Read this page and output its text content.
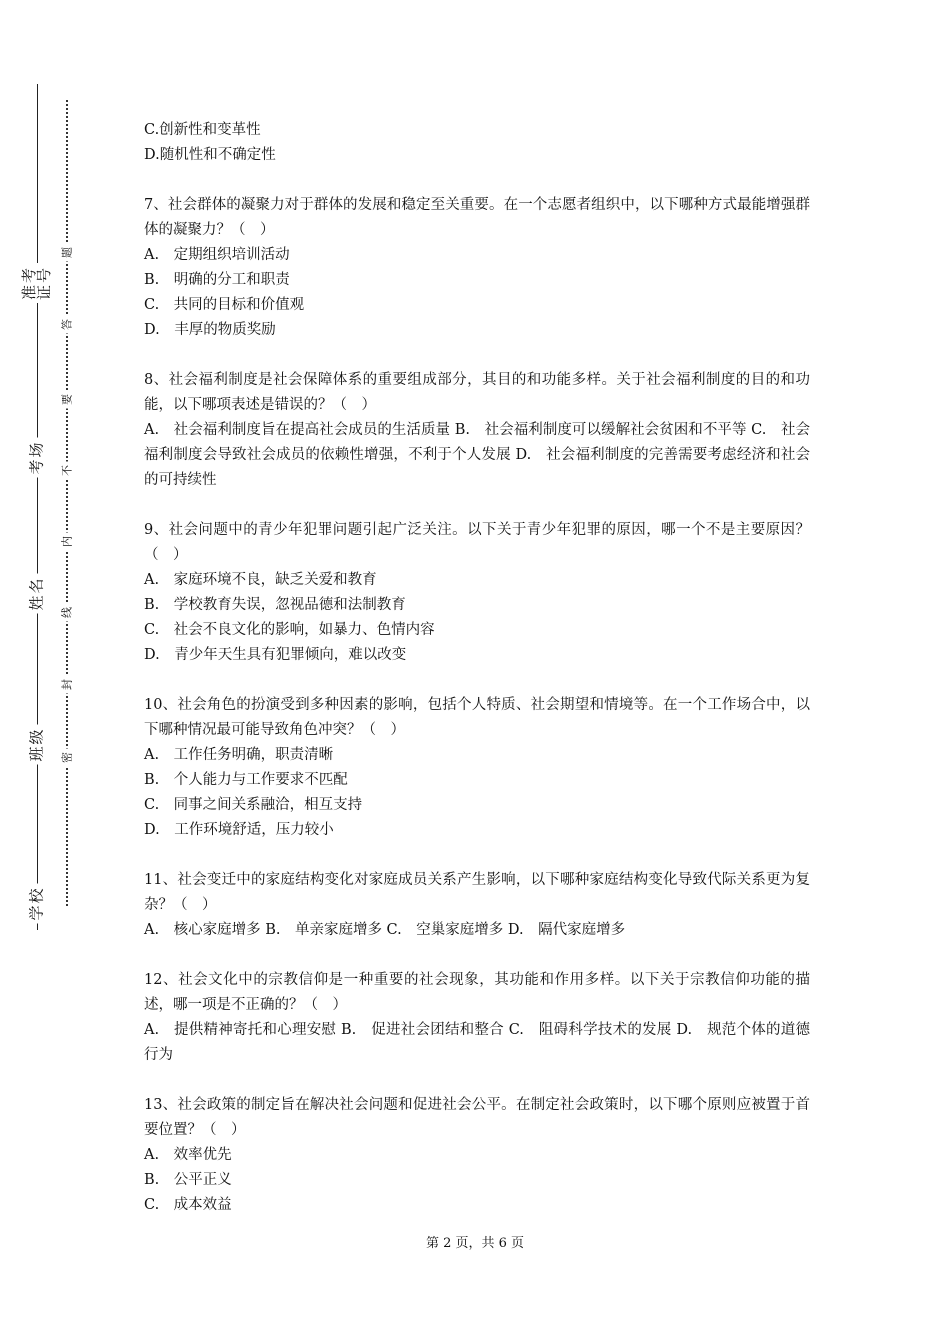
准考证号
考场
姓名
班级
学校
题
答
要
不
内
线
封
密
C.创新性和变革性
D.随机性和不确定性
7、社会群体的凝聚力对于群体的发展和稳定至关重要。在一个志愿者组织中，以下哪种方式最能增强群体的凝聚力？（　）
A.　定期组织培训活动
B.　明确的分工和职责
C.　共同的目标和价值观
D.　丰厚的物质奖励
8、社会福利制度是社会保障体系的重要组成部分，其目的和功能多样。关于社会福利制度的目的和功能，以下哪项表述是错误的？（　）
A.　社会福利制度旨在提高社会成员的生活质量 B.　社会福利制度可以缓解社会贫困和不平等 C.　社会福利制度会导致社会成员的依赖性增强，不利于个人发展 D.　社会福利制度的完善需要考虑经济和社会的可持续性
9、社会问题中的青少年犯罪问题引起广泛关注。以下关于青少年犯罪的原因，哪一个不是主要原因？（　）
A.　家庭环境不良，缺乏关爱和教育
B.　学校教育失误，忽视品德和法制教育
C.　社会不良文化的影响，如暴力、色情内容
D.　青少年天生具有犯罪倾向，难以改变
10、社会角色的扮演受到多种因素的影响，包括个人特质、社会期望和情境等。在一个工作场合中，以下哪种情况最可能导致角色冲突？（　）
A.　工作任务明确，职责清晰
B.　个人能力与工作要求不匹配
C.　同事之间关系融洽，相互支持
D.　工作环境舒适，压力较小
11、社会变迁中的家庭结构变化对家庭成员关系产生影响，以下哪种家庭结构变化导致代际关系更为复杂？（　）
A.　核心家庭增多 B.　单亲家庭增多 C.　空巢家庭增多 D.　隔代家庭增多
12、社会文化中的宗教信仰是一种重要的社会现象，其功能和作用多样。以下关于宗教信仰功能的描述，哪一项是不正确的？（　）
A.　提供精神寄托和心理安慰 B.　促进社会团结和整合 C.　阻碍科学技术的发展 D.　规范个体的道德行为
13、社会政策的制定旨在解决社会问题和促进社会公平。在制定社会政策时，以下哪个原则应被置于首要位置？（　）
A.　效率优先
B.　公平正义
C.　成本效益
第 2 页，共 6 页
